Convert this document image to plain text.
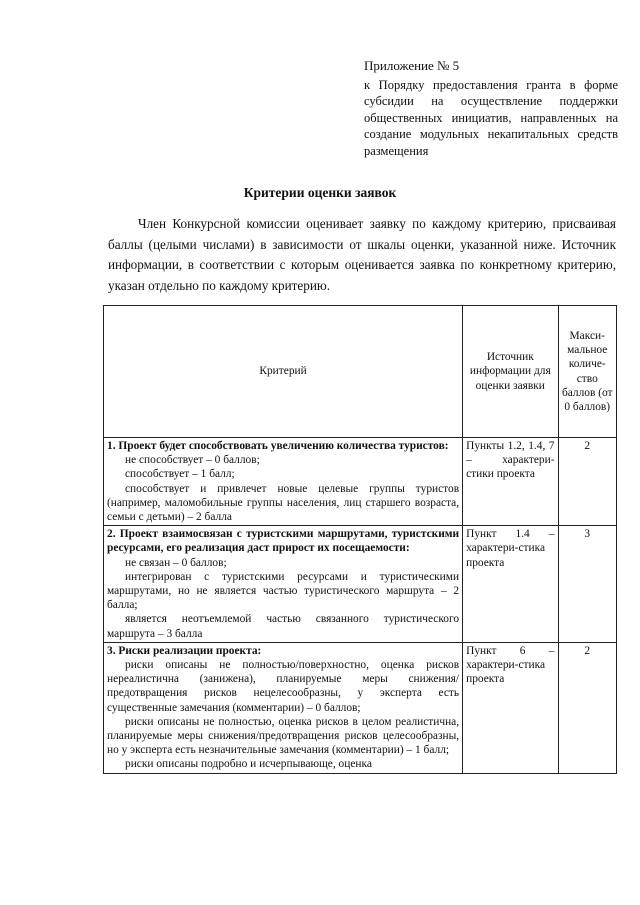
Приложение № 5
к Порядку предоставления гранта в форме субсидии на осуществление поддержки общественных инициатив, направленных на создание модульных некапитальных средств размещения
Критерии оценки заявок
Член Конкурсной комиссии оценивает заявку по каждому критерию, присваивая баллы (целыми числами) в зависимости от шкалы оценки, указанной ниже. Источник информации, в соответствии с которым оценивается заявка по конкретному критерию, указан отдельно по каждому критерию.
Критерий	Источник информации для оценки заявки	Макси-мальное количе-ство баллов (от 0 баллов)

1. Проект будет способствовать увеличению количества туристов:
не способствует – 0 баллов;
способствует – 1 балл;
способствует и привлечет новые целевые группы туристов (например, маломобильные группы населения, лиц старшего возраста, семьи с детьми) – 2 балла	Пункты 1.2, 1.4, 7 – характери-стики проекта	2

2. Проект взаимосвязан с туристскими маршрутами, туристскими ресурсами, его реализация даст прирост их посещаемости:
не связан – 0 баллов;
интегрирован с туристскими ресурсами и туристическими маршрутами, но не является частью туристического маршрута – 2 балла;
является неотъемлемой частью связанного туристического маршрута – 3 балла	Пункт 1.4 – характери-стика проекта	3

3. Риски реализации проекта:
риски описаны не полностью/поверхностно, оценка рисков нереалистична (занижена), планируемые меры снижения/предотвращения рисков нецелесообразны, у эксперта есть существенные замечания (комментарии) – 0 баллов;
риски описаны не полностью, оценка рисков в целом реалистична, планируемые меры снижения/предотвращения рисков целесообразны, но у эксперта есть незначительные замечания (комментарии) – 1 балл;
риски описаны подробно и исчерпывающе, оценка	Пункт 6 – характери-стика проекта	2
